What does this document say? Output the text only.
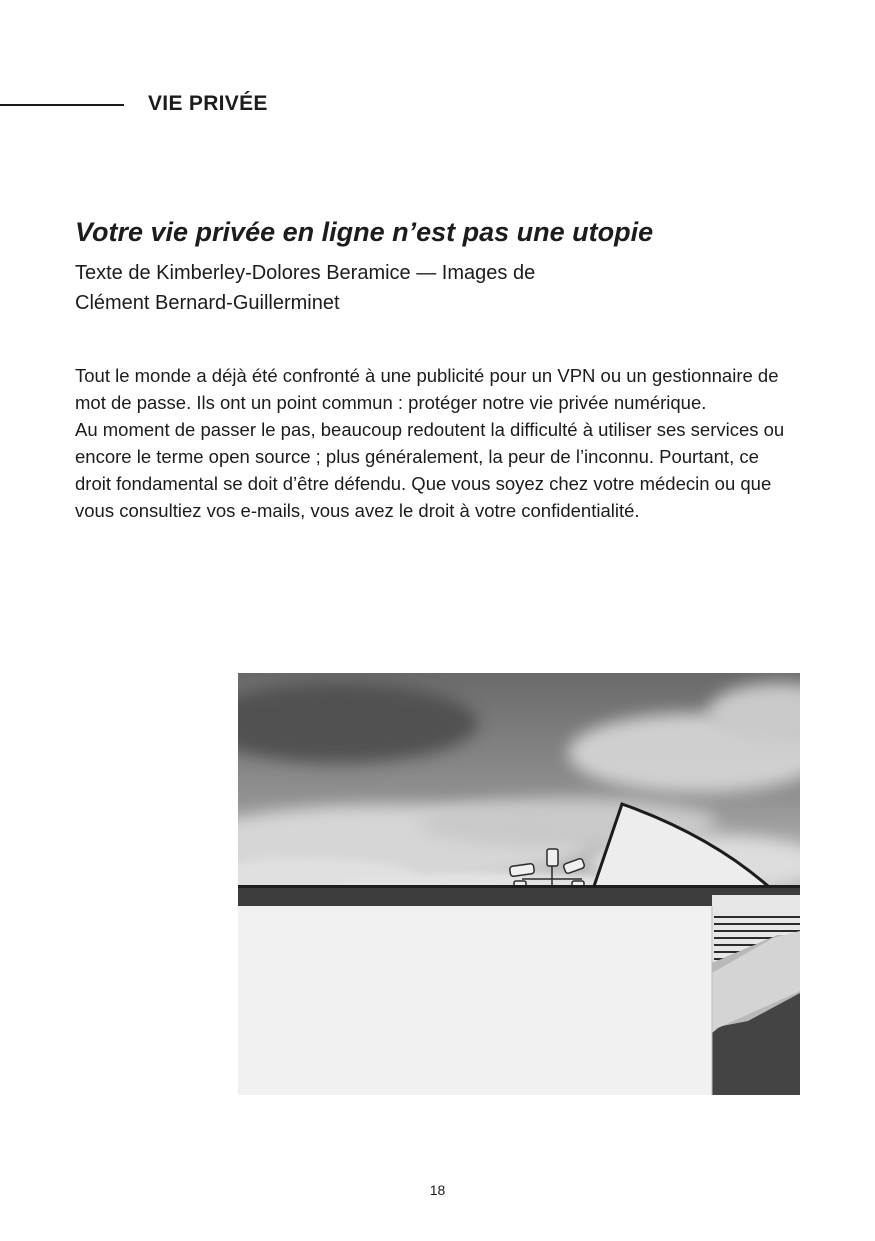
VIE PRIVÉE
Votre vie privée en ligne n’est pas une utopie
Texte de Kimberley-Dolores Beramice — Images de
Clément Bernard-Guillerminet

Tout le monde a déjà été confronté à une publicité pour un VPN ou un gestionnaire de mot de passe. Ils ont un point commun : protéger notre vie privée numérique.

Au moment de passer le pas, beaucoup redoutent la difficulté à utiliser ses services ou encore le terme open source ; plus généralement, la peur de l’inconnu. Pourtant, ce droit fondamental se doit d’être défendu. Que vous soyez chez votre médecin ou que vous consultiez vos e-mails, vous avez le droit à votre confidentialité.

18
